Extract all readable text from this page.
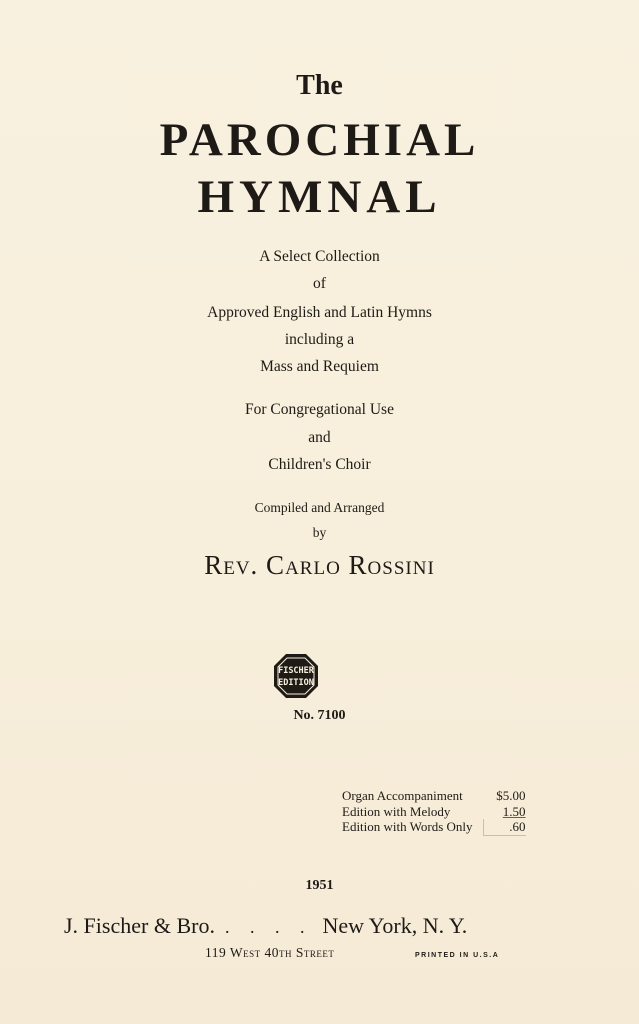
The
PAROCHIAL
HYMNAL
A Select Collection
of
Approved English and Latin Hymns
including a
Mass and Requiem
For Congregational Use
and
Children's Choir
Compiled and Arranged
by
Rev. Carlo Rossini
FISCHER
EDITION
No. 7100
Organ Accompaniment	$5.00
Edition with Melody	1.50
Edition with Words Only	.60
1951
J. Fischer & Bro. . . . . New York, N. Y.
119 West 40th Street	PRINTED IN U.S.A
